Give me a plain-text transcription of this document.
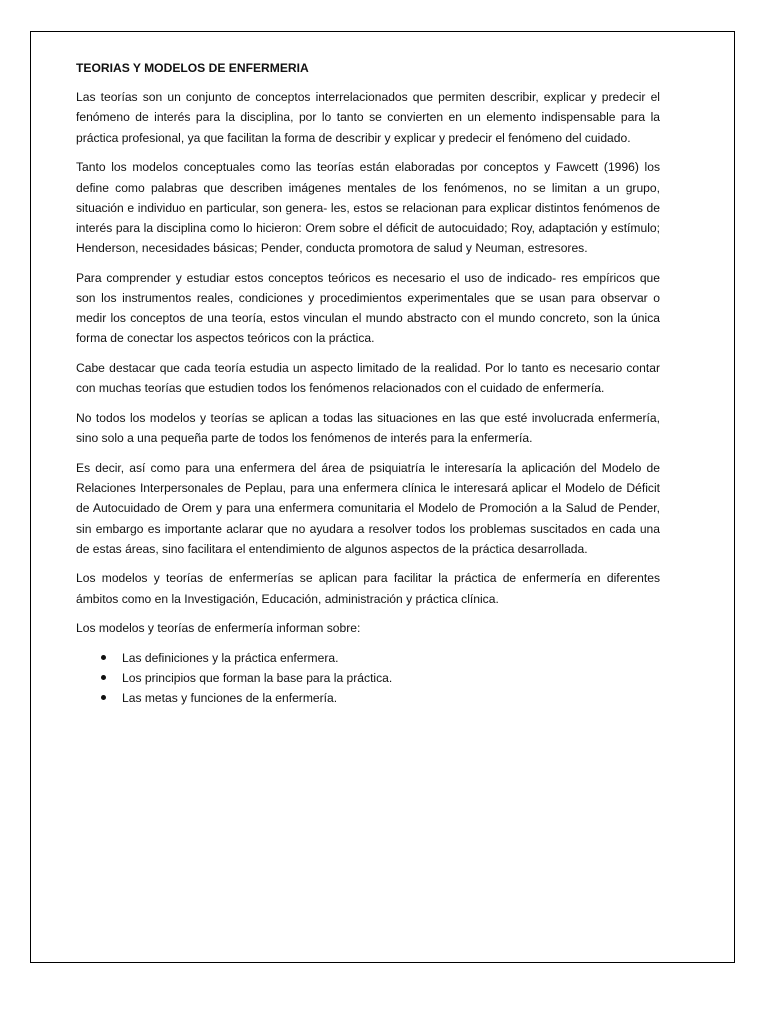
TEORIAS Y MODELOS DE ENFERMERIA

Las teorías son un conjunto de conceptos interrelacionados que permiten describir, explicar y predecir el fenómeno de interés para la disciplina, por lo tanto se convierten en un elemento indispensable para la práctica profesional, ya que facilitan la forma de describir y explicar y predecir el fenómeno del cuidado.

Tanto los modelos conceptuales como las teorías están elaboradas por conceptos y Fawcett (1996) los define como palabras que describen imágenes mentales de los fenómenos, no se limitan a un grupo, situación e individuo en particular, son genera- les, estos se relacionan para explicar distintos fenómenos de interés para la disciplina como lo hicieron: Orem sobre el déficit de autocuidado; Roy, adaptación y estímulo; Henderson, necesidades básicas; Pender, conducta promotora de salud y Neuman, estresores.

Para comprender y estudiar estos conceptos teóricos es necesario el uso de indicado- res empíricos que son los instrumentos reales, condiciones y procedimientos experimentales que se usan para observar o medir los conceptos de una teoría, estos vinculan el mundo abstracto con el mundo concreto, son la única forma de conectar los aspectos teóricos con la práctica.

Cabe destacar que cada teoría estudia un aspecto limitado de la realidad. Por lo tanto es necesario contar con muchas teorías que estudien todos los fenómenos relacionados con el cuidado de enfermería.

No todos los modelos y teorías se aplican a todas las situaciones en las que esté involucrada enfermería, sino solo a una pequeña parte de todos los fenómenos de interés para la enfermería.

Es decir, así como para una enfermera del área de psiquiatría le interesaría la aplicación del Modelo de Relaciones Interpersonales de Peplau, para una enfermera clínica le interesará aplicar el Modelo de Déficit de Autocuidado de Orem y para una enfermera comunitaria el Modelo de Promoción a la Salud de Pender, sin embargo es importante aclarar que no ayudara a resolver todos los problemas suscitados en cada una de estas áreas, sino facilitara el entendimiento de algunos aspectos de la práctica desarrollada.

Los modelos y teorías de enfermerías se aplican para facilitar la práctica de enfermería en diferentes ámbitos como en la Investigación, Educación, administración y práctica clínica.

Los modelos y teorías de enfermería informan sobre:

Las definiciones y la práctica enfermera.
Los principios que forman la base para la práctica.
Las metas y funciones de la enfermería.
